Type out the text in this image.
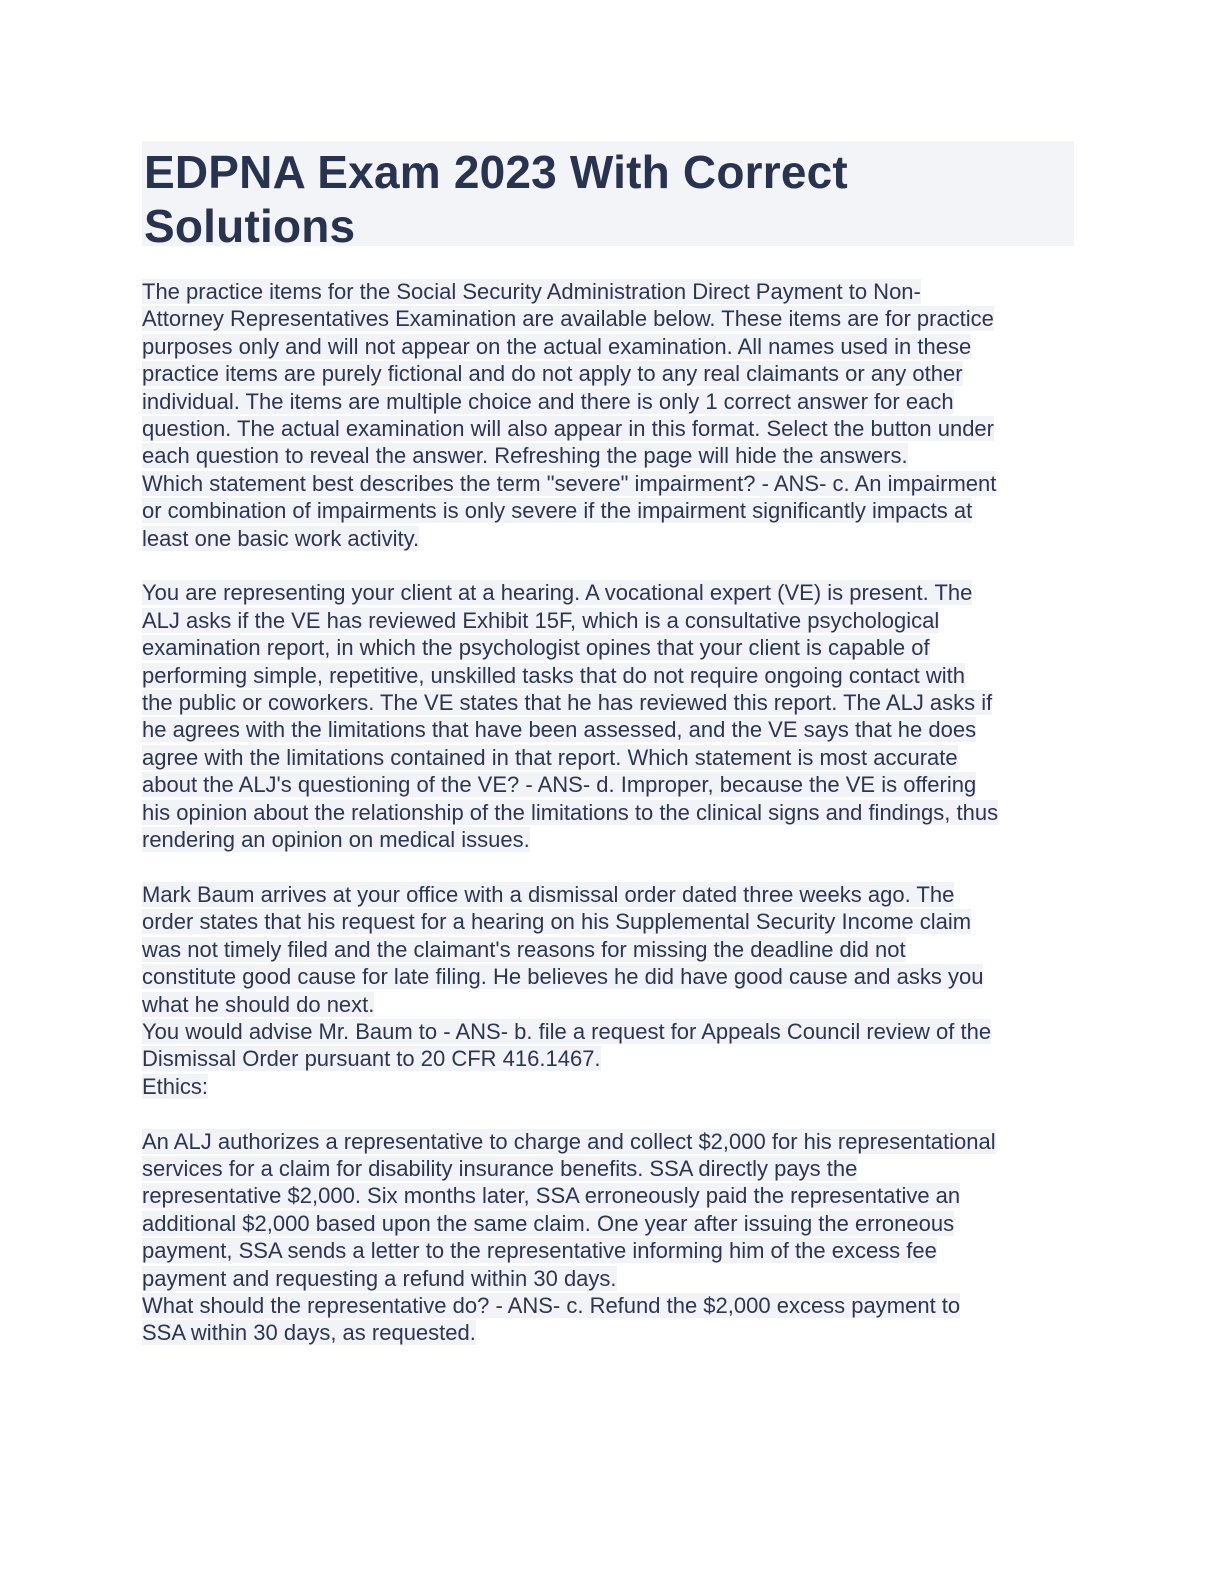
EDPNA Exam 2023 With Correct
Solutions
The practice items for the Social Security Administration Direct Payment to Non-
Attorney Representatives Examination are available below. These items are for practice
purposes only and will not appear on the actual examination. All names used in these
practice items are purely fictional and do not apply to any real claimants or any other
individual. The items are multiple choice and there is only 1 correct answer for each
question. The actual examination will also appear in this format. Select the button under
each question to reveal the answer. Refreshing the page will hide the answers.
Which statement best describes the term "severe" impairment? - ANS- c. An impairment
or combination of impairments is only severe if the impairment significantly impacts at
least one basic work activity.
You are representing your client at a hearing. A vocational expert (VE) is present. The
ALJ asks if the VE has reviewed Exhibit 15F, which is a consultative psychological
examination report, in which the psychologist opines that your client is capable of
performing simple, repetitive, unskilled tasks that do not require ongoing contact with
the public or coworkers. The VE states that he has reviewed this report. The ALJ asks if
he agrees with the limitations that have been assessed, and the VE says that he does
agree with the limitations contained in that report. Which statement is most accurate
about the ALJ's questioning of the VE? - ANS- d. Improper, because the VE is offering
his opinion about the relationship of the limitations to the clinical signs and findings, thus
rendering an opinion on medical issues.
Mark Baum arrives at your office with a dismissal order dated three weeks ago. The
order states that his request for a hearing on his Supplemental Security Income claim
was not timely filed and the claimant's reasons for missing the deadline did not
constitute good cause for late filing. He believes he did have good cause and asks you
what he should do next.
You would advise Mr. Baum to - ANS- b. file a request for Appeals Council review of the
Dismissal Order pursuant to 20 CFR 416.1467.
Ethics:
An ALJ authorizes a representative to charge and collect $2,000 for his representational
services for a claim for disability insurance benefits. SSA directly pays the
representative $2,000. Six months later, SSA erroneously paid the representative an
additional $2,000 based upon the same claim. One year after issuing the erroneous
payment, SSA sends a letter to the representative informing him of the excess fee
payment and requesting a refund within 30 days.
What should the representative do? - ANS- c. Refund the $2,000 excess payment to
SSA within 30 days, as requested.
